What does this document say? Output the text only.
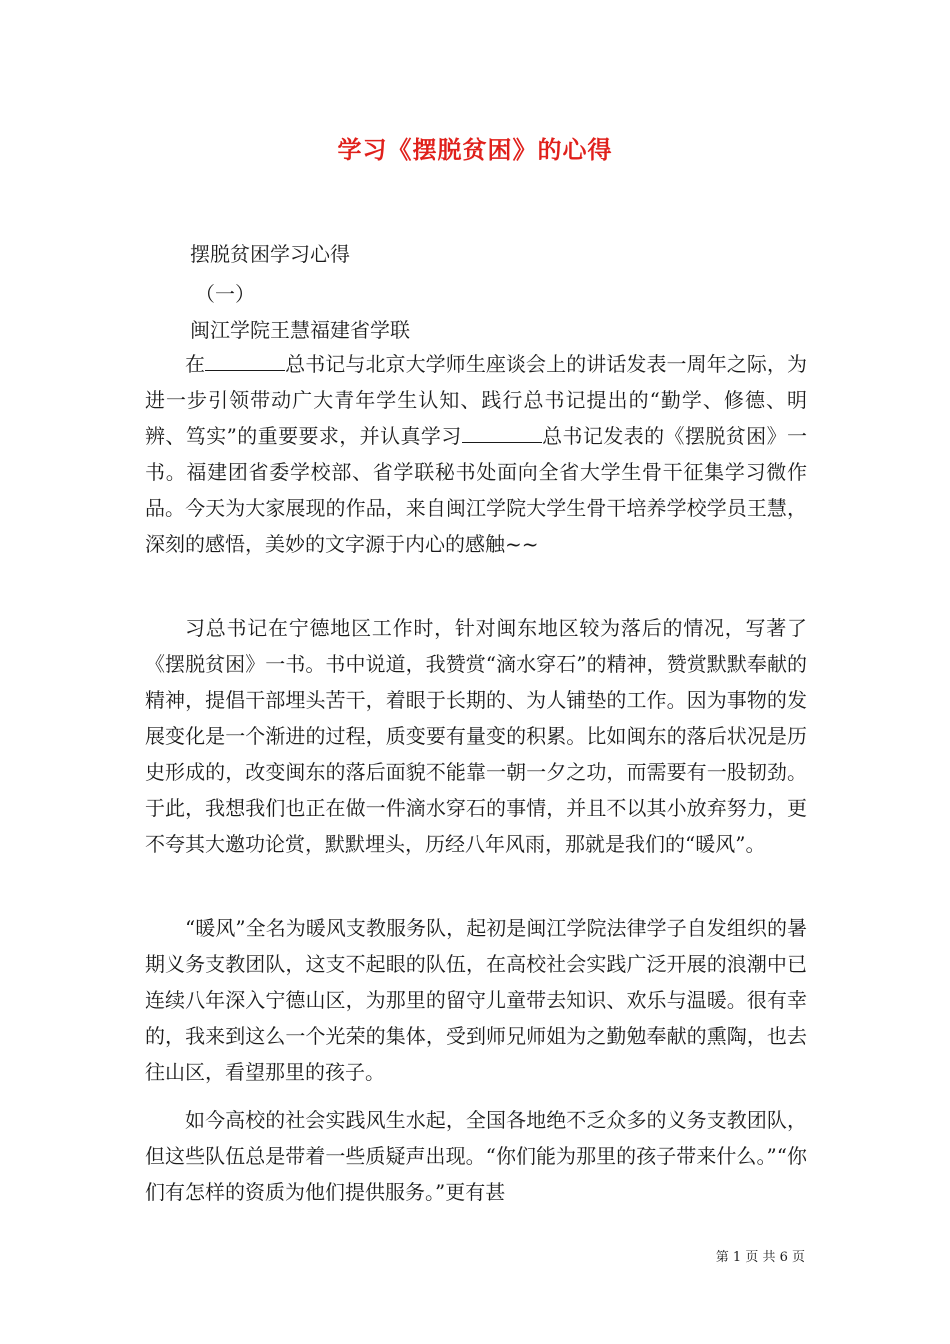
学习《摆脱贫困》的心得
摆脱贫困学习心得
（一）
闽江学院王慧福建省学联

在	总书记与北京大学师生座谈会上的讲话发表一周年之际，为进一步引领带动广大青年学生认知、践行总书记提出的“勤学、修德、明辨、笃实”的重要要求，并认真学习	总书记发表的《摆脱贫困》一书。福建团省委学校部、省学联秘书处面向全省大学生骨干征集学习微作品。今天为大家展现的作品，来自闽江学院大学生骨干培养学校学员王慧，深刻的感悟，美妙的文字源于内心的感触~~

习总书记在宁德地区工作时，针对闽东地区较为落后的情况，写著了《摆脱贫困》一书。书中说道，我赞赏“滴水穿石”的精神，赞赏默默奉献的精神，提倡干部埋头苦干，着眼于长期的、为人铺垫的工作。因为事物的发展变化是一个渐进的过程，质变要有量变的积累。比如闽东的落后状况是历史形成的，改变闽东的落后面貌不能靠一朝一夕之功，而需要有一股韧劲。于此，我想我们也正在做一件滴水穿石的事情，并且不以其小放弃努力，更不夸其大邀功论赏，默默埋头，历经八年风雨，那就是我们的“暖风”。

“暖风”全名为暖风支教服务队，起初是闽江学院法律学子自发组织的暑期义务支教团队，这支不起眼的队伍，在高校社会实践广泛开展的浪潮中已连续八年深入宁德山区，为那里的留守儿童带去知识、欢乐与温暖。很有幸的，我来到这么一个光荣的集体，受到师兄师姐为之勤勉奉献的熏陶，也去往山区，看望那里的孩子。

如今高校的社会实践风生水起，全国各地绝不乏众多的义务支教团队，但这些队伍总是带着一些质疑声出现。“你们能为那里的孩子带来什么。”“你们有怎样的资质为他们提供服务。”更有甚

第 1 页 共 6 页
